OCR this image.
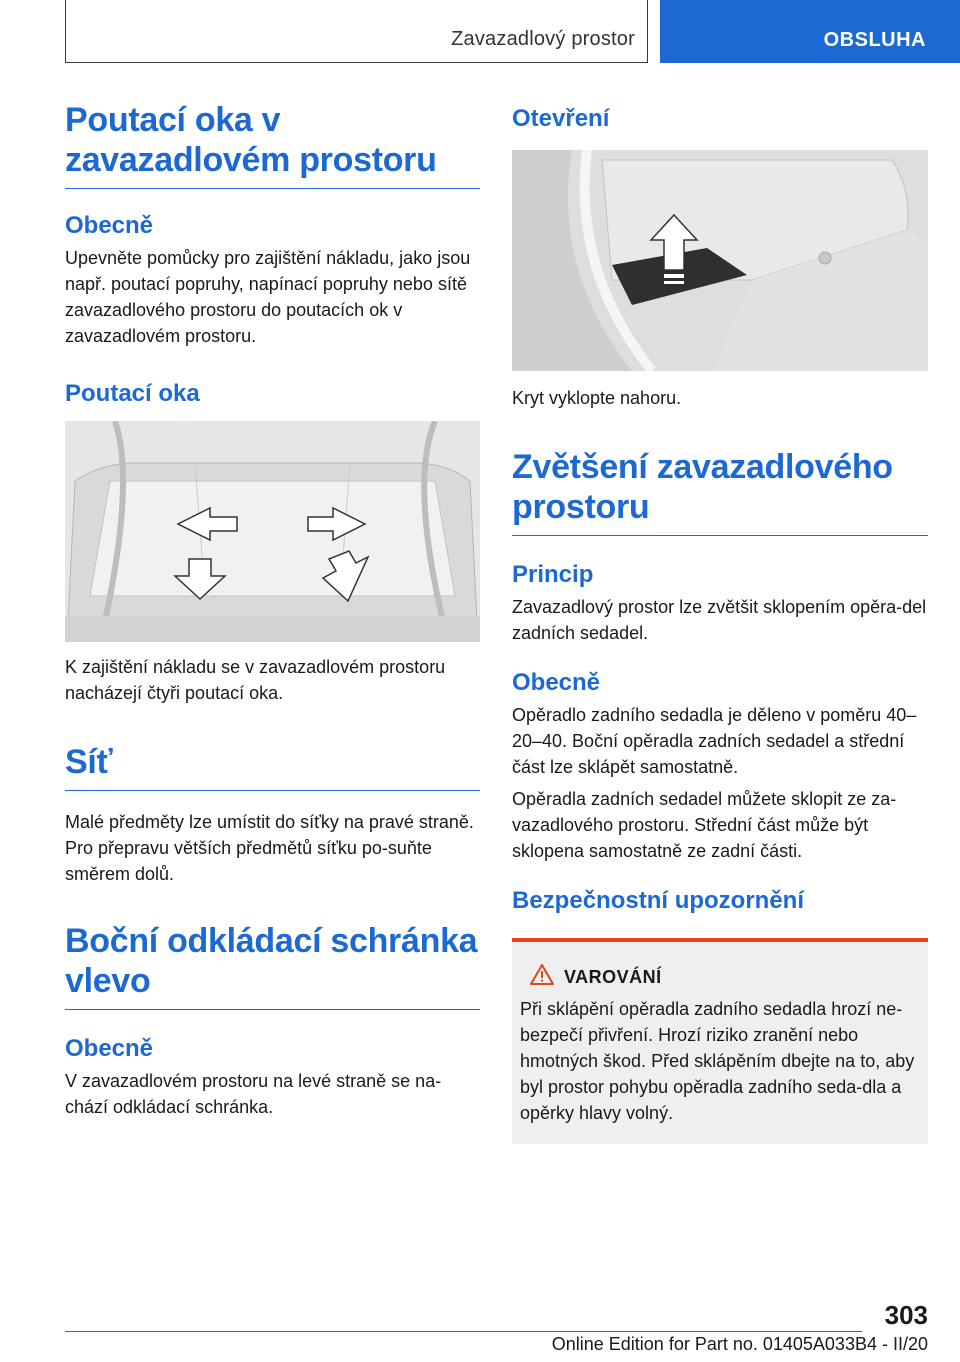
Zavazadlový prostor	OBSLUHA
Poutací oka v zavazadlovém prostoru
Obecně

Upevněte pomůcky pro zajištění nákladu, jako jsou např. poutací popruhy, napínací popruhy nebo sítě zavazadlového prostoru do poutacích ok v zavazadlovém prostoru.

Poutací oka

K zajištění nákladu se v zavazadlovém prostoru nacházejí čtyři poutací oka.

Síť

Malé předměty lze umístit do síťky na pravé straně. Pro přepravu větších předmětů síťku po-suňte směrem dolů.

Boční odkládací schránka vlevo
Obecně

V zavazadlovém prostoru na levé straně se na-chází odkládací schránka.

Otevření

Kryt vyklopte nahoru.

Zvětšení zavazadlového prostoru
Princip

Zavazadlový prostor lze zvětšit sklopením opěra-del zadních sedadel.

Obecně

Opěradlo zadního sedadla je děleno v poměru 40–20–40. Boční opěradla zadních sedadel a střední část lze sklápět samostatně.

Opěradla zadních sedadel můžete sklopit ze za-vazadlového prostoru. Střední část může být sklopena samostatně ze zadní části.

Bezpečnostní upozornění
VAROVÁNÍ

Při sklápění opěradla zadního sedadla hrozí ne-bezpečí přivření. Hrozí riziko zranění nebo hmotných škod. Před sklápěním dbejte na to, aby byl prostor pohybu opěradla zadního seda-dla a opěrky hlavy volný.

303
Online Edition for Part no. 01405A033B4 - II/20
